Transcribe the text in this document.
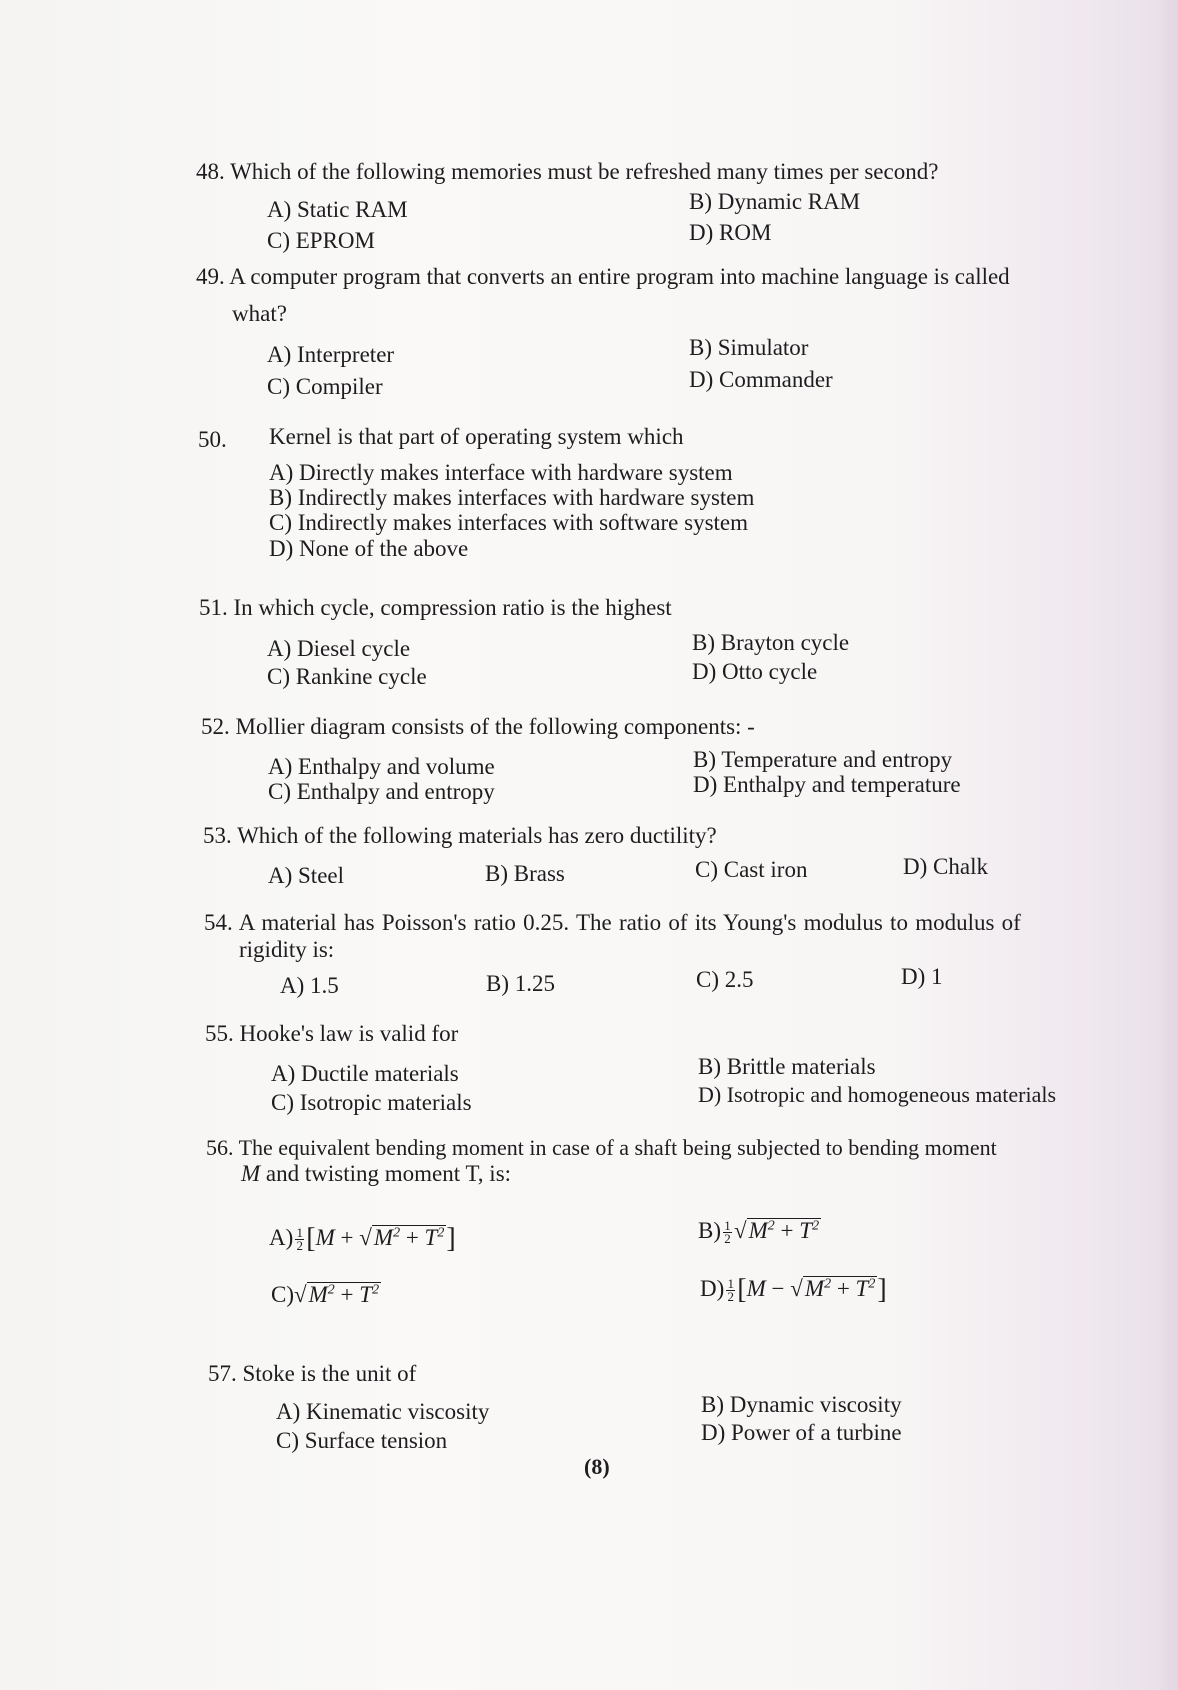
48. Which of the following memories must be refreshed many times per second?
A) Static RAM	B) Dynamic RAM
C) EPROM	D) ROM
49. A computer program that converts an entire program into machine language is called
what?
A) Interpreter	B) Simulator
C) Compiler	D) Commander
50. Kernel is that part of operating system which
A) Directly makes interface with hardware system
B) Indirectly makes interfaces with hardware system
C) Indirectly makes interfaces with software system
D) None of the above
51. In which cycle, compression ratio is the highest
A) Diesel cycle	B) Brayton cycle
C) Rankine cycle	D) Otto cycle
52. Mollier diagram consists of the following components: -
A) Enthalpy and volume	B) Temperature and entropy
C) Enthalpy and entropy	D) Enthalpy and temperature
53. Which of the following materials has zero ductility?
A) Steel	B) Brass	C) Cast iron	D) Chalk
54. A material has Poisson's ratio 0.25. The ratio of its Young's modulus to modulus of
rigidity is:
A) 1.5	B) 1.25	C) 2.5	D) 1
55. Hooke's law is valid for
A) Ductile materials	B) Brittle materials
C) Isotropic materials	D) Isotropic and homogeneous materials
56. The equivalent bending moment in case of a shaft being subjected to bending moment
M and twisting moment T, is:
$A) \frac{1}{2} [M + √M^2 + T^2]$	$B) \frac{1}{2} √M^2 + T^2$
$C)√M^2 + T^2$	$D) \frac{1}{2} [M - √M^2 + T^2]$
57. Stoke is the unit of
A) Kinematic viscosity	B) Dynamic viscosity
C) Surface tension	D) Power of a turbine
(8)
